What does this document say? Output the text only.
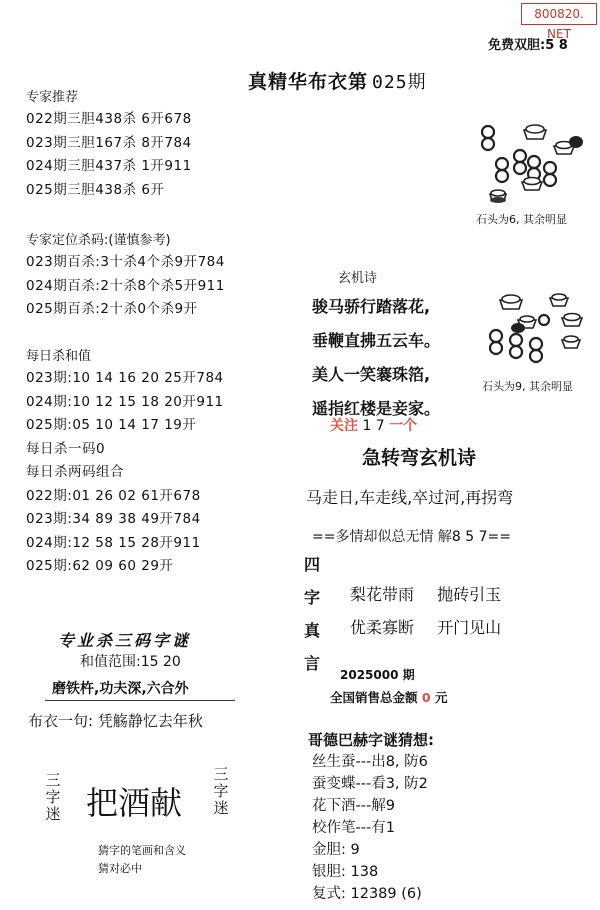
800820. NET
免费双胆:5 8
真精华布衣第 025期
专家推荐
022期三胆438杀 6开678
023期三胆167杀 8开784
024期三胆437杀 1开911
025期三胆438杀 6开
专家定位杀码:(谨慎参考)
023期百杀:3十杀4个杀9开784
024期百杀:2十杀8个杀5开911
025期百杀:2十杀0个杀9开
每日杀和值
023期:10 14 16 20 25开784
024期:10 12 15 18 20开911
025期:05 10 14 17 19开
每日杀一码0
每日杀两码组合
022期:01 26 02 61开678
023期:34 89 38 49开784
024期:12 58 15 28开911
025期:62 09 60 29开
石头为6, 其余明显
石头为9, 其余明显
玄机诗
骏马骄行踏落花,
垂鞭直拂五云车。
美人一笑褰珠箔,
遥指红楼是妾家。
关注 1 7 一个
急转弯玄机诗
马走日,车走线,卒过河,再拐弯
==多情却似总无情 解8 5 7==
四
字
真
言
梨花带雨 抛砖引玉
优柔寡断 开门见山
2025000 期
全国销售总金额 0 元
哥德巴赫字谜猜想:
丝生蚕---出8, 防6
蚕变蝶---看3, 防2
花下酒---解9
校作笔---有1
金胆: 9
银胆: 138
复式: 12389 (6)
专业杀三码字谜
和值范围:15 20
磨铁杵,功夫深,六合外
布衣一句: 凭觞静忆去年秋
三
字
迷 把酒献
三
字
迷
猜字的笔画和含义
猜对必中
